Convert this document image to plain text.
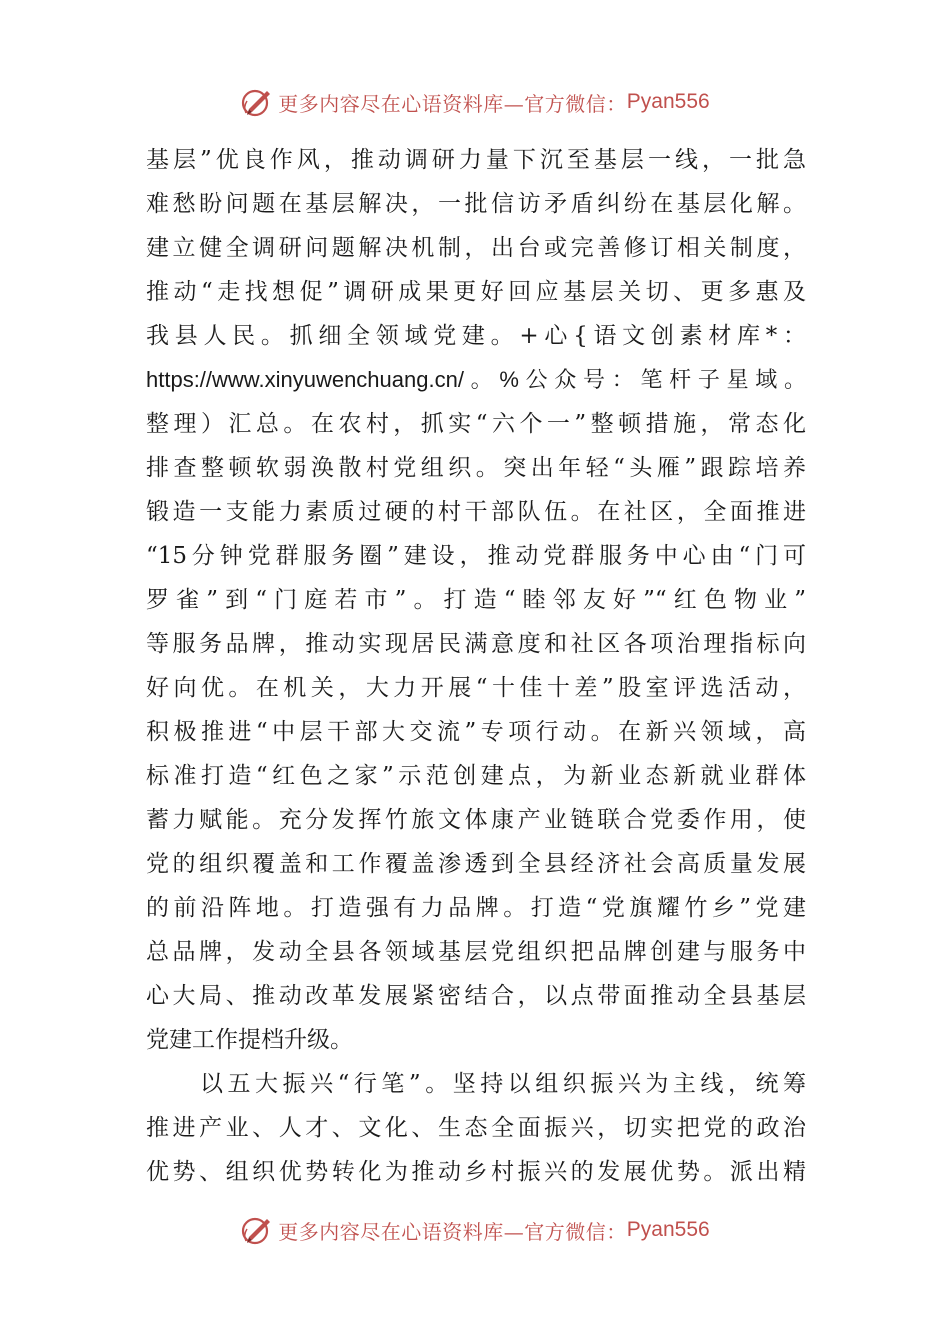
更多内容尽在心语资料库—官方微信： Pyan556
基层”优良作风，推动调研力量下沉至基层一线，一批急
难愁盼问题在基层解决，一批信访矛盾纠纷在基层化解。
建立健全调研问题解决机制，出台或完善修订相关制度，
推动“走找想促”调研成果更好回应基层关切、更多惠及
我县人民。抓细全领域党建。+心{语文创素材库*：
https://www.xinyuwenchuang.cn/。%公众号：笔杆子星域。
整理）汇总。在农村，抓实“六个一”整顿措施，常态化
排查整顿软弱涣散村党组织。突出年轻“头雁”跟踪培养
锻造一支能力素质过硬的村干部队伍。在社区，全面推进
“15分钟党群服务圈”建设，推动党群服务中心由“门可
罗雀”到“门庭若市”。打造“睦邻友好”“红色物业”
等服务品牌，推动实现居民满意度和社区各项治理指标向
好向优。在机关，大力开展“十佳十差”股室评选活动，
积极推进“中层干部大交流”专项行动。在新兴领域，高
标准打造“红色之家”示范创建点，为新业态新就业群体
蓄力赋能。充分发挥竹旅文体康产业链联合党委作用，使
党的组织覆盖和工作覆盖渗透到全县经济社会高质量发展
的前沿阵地。打造强有力品牌。打造“党旗耀竹乡”党建
总品牌，发动全县各领域基层党组织把品牌创建与服务中
心大局、推动改革发展紧密结合，以点带面推动全县基层
党建工作提档升级。
以五大振兴“行笔”。坚持以组织振兴为主线，统筹
推进产业、人才、文化、生态全面振兴，切实把党的政治
优势、组织优势转化为推动乡村振兴的发展优势。派出精
更多内容尽在心语资料库—官方微信： Pyan556
